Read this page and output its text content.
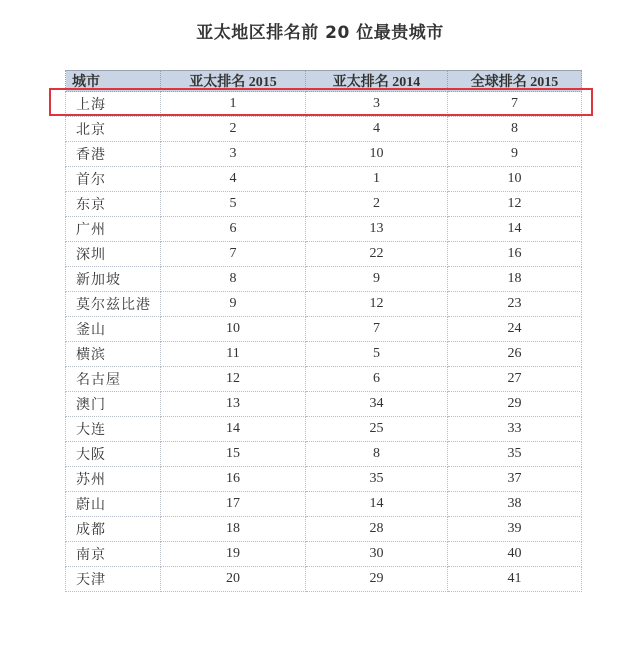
亚太地区排名前 20 位最贵城市
城市	亚太排名 2015	亚太排名 2014	全球排名 2015
上海	1	3	7
北京	2	4	8
香港	3	10	9
首尔	4	1	10
东京	5	2	12
广州	6	13	14
深圳	7	22	16
新加坡	8	9	18
莫尔兹比港	9	12	23
釜山	10	7	24
横滨	11	5	26
名古屋	12	6	27
澳门	13	34	29
大连	14	25	33
大阪	15	8	35
苏州	16	35	37
蔚山	17	14	38
成都	18	28	39
南京	19	30	40
天津	20	29	41
